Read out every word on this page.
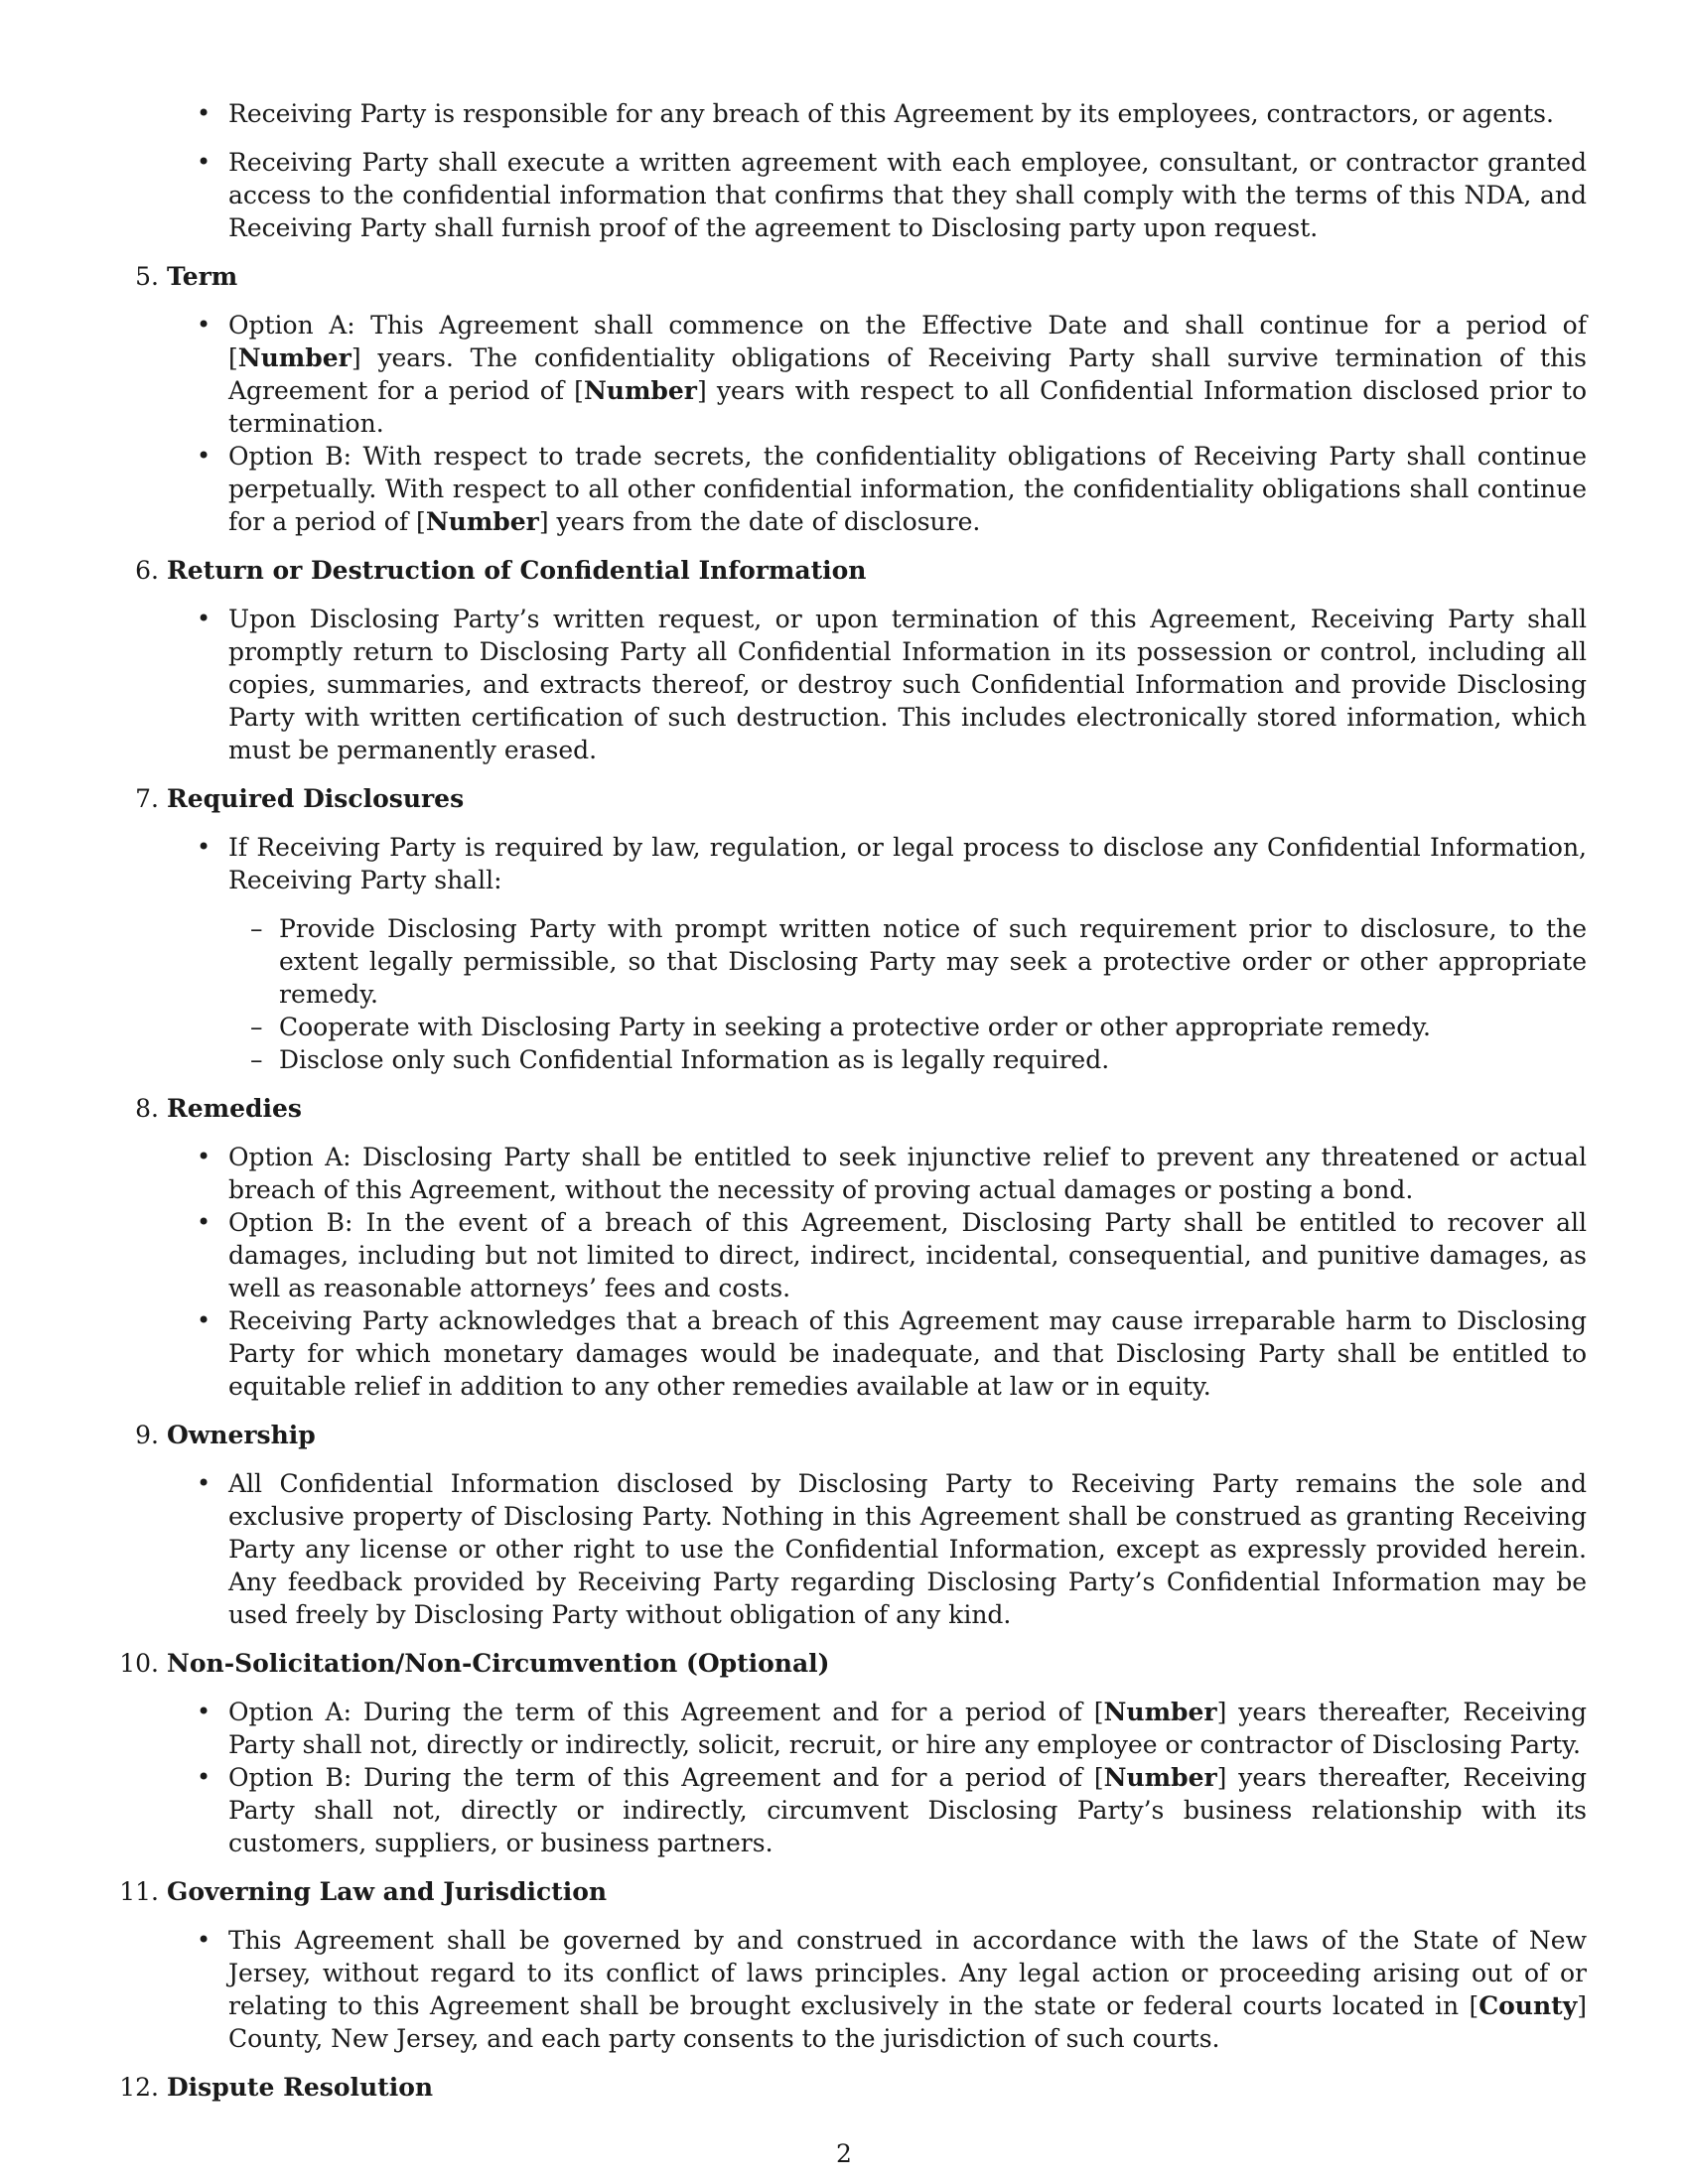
• Receiving Party is responsible for any breach of this Agreement by its employees, contractors, or agents.
• Receiving Party shall execute a written agreement with each employee, consultant, or contractor granted access to the confidential information that confirms that they shall comply with the terms of this NDA, and Receiving Party shall furnish proof of the agreement to Disclosing party upon request.
5. Term
• Option A: This Agreement shall commence on the Effective Date and shall continue for a period of [Number] years. The confidentiality obligations of Receiving Party shall survive termination of this Agreement for a period of [Number] years with respect to all Confidential Information disclosed prior to termination.
• Option B: With respect to trade secrets, the confidentiality obligations of Receiving Party shall continue perpetually. With respect to all other confidential information, the confidentiality obligations shall continue for a period of [Number] years from the date of disclosure.
6. Return or Destruction of Confidential Information
• Upon Disclosing Party’s written request, or upon termination of this Agreement, Receiving Party shall promptly return to Disclosing Party all Confidential Information in its possession or control, including all copies, summaries, and extracts thereof, or destroy such Confidential Information and provide Disclosing Party with written certification of such destruction. This includes electronically stored information, which must be permanently erased.
7. Required Disclosures
• If Receiving Party is required by law, regulation, or legal process to disclose any Confidential Information, Receiving Party shall:
– Provide Disclosing Party with prompt written notice of such requirement prior to disclosure, to the extent legally permissible, so that Disclosing Party may seek a protective order or other appropriate remedy.
– Cooperate with Disclosing Party in seeking a protective order or other appropriate remedy.
– Disclose only such Confidential Information as is legally required.
8. Remedies
• Option A: Disclosing Party shall be entitled to seek injunctive relief to prevent any threatened or actual breach of this Agreement, without the necessity of proving actual damages or posting a bond.
• Option B: In the event of a breach of this Agreement, Disclosing Party shall be entitled to recover all damages, including but not limited to direct, indirect, incidental, consequential, and punitive damages, as well as reasonable attorneys’ fees and costs.
• Receiving Party acknowledges that a breach of this Agreement may cause irreparable harm to Disclosing Party for which monetary damages would be inadequate, and that Disclosing Party shall be entitled to equitable relief in addition to any other remedies available at law or in equity.
9. Ownership
• All Confidential Information disclosed by Disclosing Party to Receiving Party remains the sole and exclusive property of Disclosing Party. Nothing in this Agreement shall be construed as granting Receiving Party any license or other right to use the Confidential Information, except as expressly provided herein. Any feedback provided by Receiving Party regarding Disclosing Party’s Confidential Information may be used freely by Disclosing Party without obligation of any kind.
10. Non-Solicitation/Non-Circumvention (Optional)
• Option A: During the term of this Agreement and for a period of [Number] years thereafter, Receiving Party shall not, directly or indirectly, solicit, recruit, or hire any employee or contractor of Disclosing Party.
• Option B: During the term of this Agreement and for a period of [Number] years thereafter, Receiving Party shall not, directly or indirectly, circumvent Disclosing Party’s business relationship with its customers, suppliers, or business partners.
11. Governing Law and Jurisdiction
• This Agreement shall be governed by and construed in accordance with the laws of the State of New Jersey, without regard to its conflict of laws principles. Any legal action or proceeding arising out of or relating to this Agreement shall be brought exclusively in the state or federal courts located in [County] County, New Jersey, and each party consents to the jurisdiction of such courts.
12. Dispute Resolution
2
